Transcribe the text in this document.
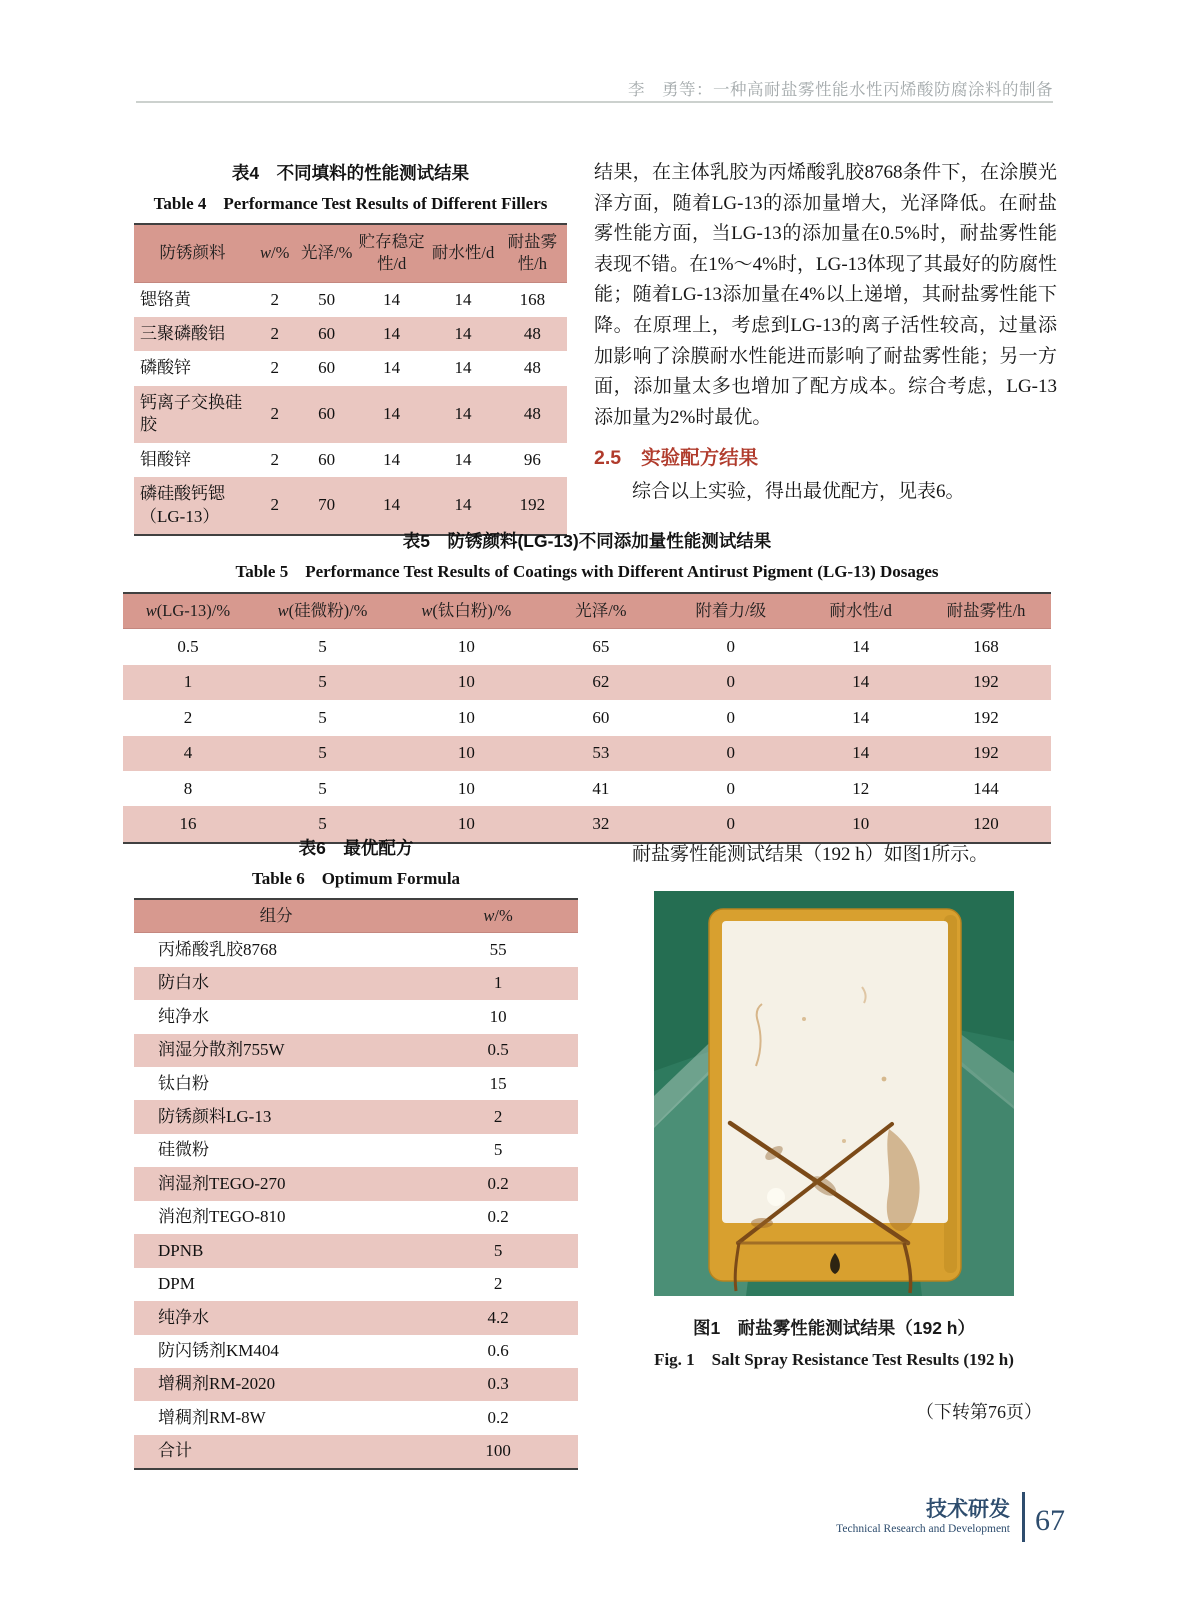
李　勇等：一种高耐盐雾性能水性丙烯酸防腐涂料的制备
表4　不同填料的性能测试结果
Table 4　Performance Test Results of Different Fillers
防锈颜料	w/%	光泽/%	贮存稳定性/d	耐水性/d	耐盐雾性/h
锶铬黄	2	50	14	14	168
三聚磷酸铝	2	60	14	14	48
磷酸锌	2	60	14	14	48
钙离子交换硅胶	2	60	14	14	48
钼酸锌	2	60	14	14	96
磷硅酸钙锶（LG-13）	2	70	14	14	192

结果，在主体乳胶为丙烯酸乳胶8768条件下，在涂膜光泽方面，随着LG-13的添加量增大，光泽降低。在耐盐雾性能方面，当LG-13的添加量在0.5%时，耐盐雾性能表现不错。在1%～4%时，LG-13体现了其最好的防腐性能；随着LG-13添加量在4%以上递增，其耐盐雾性能下降。在原理上，考虑到LG-13的离子活性较高，过量添加影响了涂膜耐水性能进而影响了耐盐雾性能；另一方面，添加量太多也增加了配方成本。综合考虑，LG-13添加量为2%时最优。

2.5 实验配方结果

综合以上实验，得出最优配方，见表6。

表5　防锈颜料(LG-13)不同添加量性能测试结果
Table 5　Performance Test Results of Coatings with Different Antirust Pigment (LG-13) Dosages
w(LG-13)/%	w(硅微粉)/%	w(钛白粉)/%	光泽/%	附着力/级	耐水性/d	耐盐雾性/h
0.5	5	10	65	0	14	168
1	5	10	62	0	14	192
2	5	10	60	0	14	192
4	5	10	53	0	14	192
8	5	10	41	0	12	144
16	5	10	32	0	10	120
表6　最优配方
Table 6　Optimum Formula
组分	w/%
丙烯酸乳胶8768	55
防白水	1
纯净水	10
润湿分散剂755W	0.5
钛白粉	15
防锈颜料LG-13	2
硅微粉	5
润湿剂TEGO-270	0.2
消泡剂TEGO-810	0.2
DPNB	5
DPM	2
纯净水	4.2
防闪锈剂KM404	0.6
增稠剂RM-2020	0.3
增稠剂RM-8W	0.2
合计	100

耐盐雾性能测试结果（192 h）如图1所示。

图1　耐盐雾性能测试结果（192 h）
Fig. 1　Salt Spray Resistance Test Results (192 h)
（下转第76页）
技术研发
Technical Research and Development 67
